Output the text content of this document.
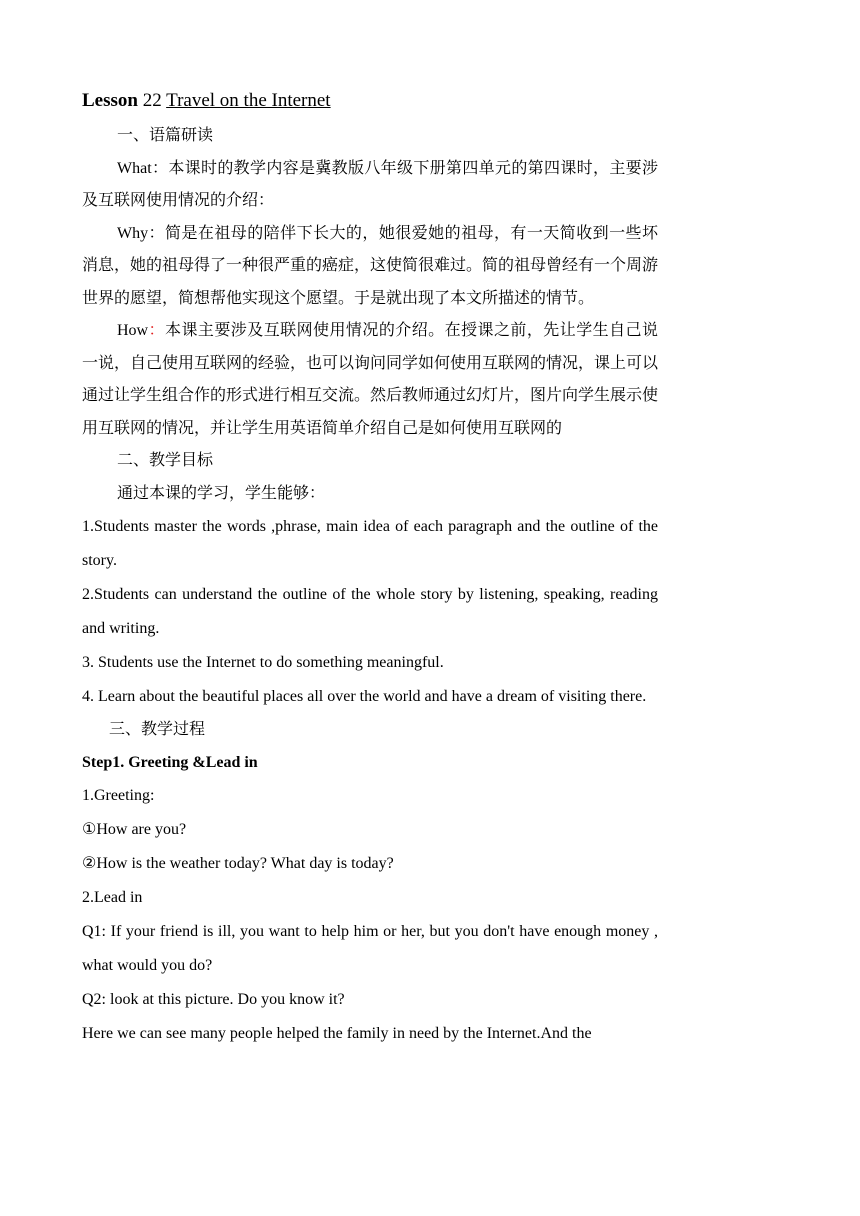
Lesson 22 Travel on the Internet

一、语篇研读

What：本课时的教学内容是冀教版八年级下册第四单元的第四课时，主要涉及互联网使用情况的介绍：

Why：简是在祖母的陪伴下长大的，她很爱她的祖母，有一天简收到一些坏消息，她的祖母得了一种很严重的癌症，这使简很难过。简的祖母曾经有一个周游世界的愿望，简想帮他实现这个愿望。于是就出现了本文所描述的情节。

How：本课主要涉及互联网使用情况的介绍。在授课之前，先让学生自己说一说，自己使用互联网的经验，也可以询问同学如何使用互联网的情况，课上可以通过让学生组合作的形式进行相互交流。然后教师通过幻灯片，图片向学生展示使用互联网的情况，并让学生用英语简单介绍自己是如何使用互联网的

二、教学目标

通过本课的学习，学生能够：

1.Students master the words ,phrase, main idea of each paragraph and the outline of the story.

2.Students can understand the outline of the whole story by listening, speaking, reading and writing.

3. Students use the Internet to do something meaningful.

4. Learn about the beautiful places all over the world and have a dream of visiting there.

三、教学过程

Step1. Greeting &Lead in

1.Greeting:

①How are you?

②How is the weather today? What day is today?

2.Lead in

Q1: If your friend is ill, you want to help him or her, but you don't have enough money , what would you do?

Q2: look at this picture. Do you know it?

Here we can see many people helped the family in need by the Internet.And the
